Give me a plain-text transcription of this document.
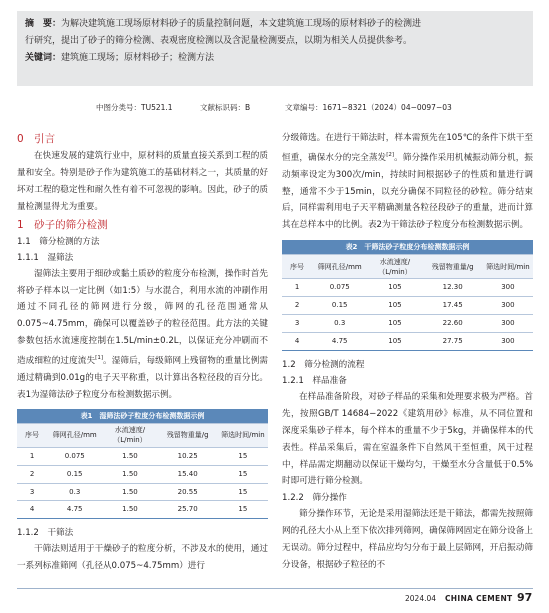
摘　要：为解决建筑施工现场原材料砂子的质量控制问题，本文建筑施工现场的原材料砂子的检测进

行研究，提出了砂子的筛分检测、表观密度检测以及含泥量检测要点，以期为相关人员提供参考。

关键词：建筑施工现场；原材料砂子；检测方法

中图分类号：TU521.1	文献标识码：B	文章编号：1671−8321（2024）04−0097−03
0　引言

在快速发展的建筑行业中，原材料的质量直接关系到工程的质量和安全。特别是砂子作为建筑施工的基础材料之一，其质量的好坏对工程的稳定性和耐久性有着不可忽视的影响。因此，砂子的质量检测显得尤为重要。

1　砂子的筛分检测
1.1　筛分检测的方法
1.1.1　湿筛法

湿筛法主要用于细砂或黏土质砂的粒度分布检测，操作时首先将砂子样本以一定比例（如1:5）与水混合，利用水流的冲刷作用通过不同孔径的筛网进行分级，筛网的孔径范围通常从0.075~4.75mm，确保可以覆盖砂子的粒径范围。此方法的关键参数包括水流速度控制在1.5L/min±0.2L，以保证充分冲刷而不造成细粒的过度流失[1]。湿筛后，每级筛网上残留物的重量比例需通过精确到0.01g的电子天平称重，以计算出各粒径段的百分比。表1为湿筛法砂子粒度分布检测数据示例。

表1　湿筛法砂子粒度分布检测数据示例
序号	筛网孔径/mm	水流速度/（L/min）	残留物重量/g	筛选时间/min
1	0.075	1.50	10.25	15
2	0.15	1.50	15.40	15
3	0.3	1.50	20.55	15
4	4.75	1.50	25.70	15
1.1.2　干筛法

干筛法则适用于干燥砂子的粒度分析，不涉及水的使用，通过一系列标准筛网（孔径从0.075~4.75mm）进行

分级筛选。在进行干筛法时，样本需预先在105℃的条件下烘干至恒重，确保水分的完全蒸发[2]。筛分操作采用机械振动筛分机，振动频率设定为300次/min，持续时间根据砂子的性质和量进行调整，通常不少于15min，以充分确保不同粒径的砂粒。筛分结束后，同样需利用电子天平精确测量各粒径段砂子的重量，进而计算其在总样本中的比例。表2为干筛法砂子粒度分布检测数据示例。

表2　干筛法砂子粒度分布检测数据示例
序号	筛网孔径/mm	水流速度/（L/min）	残留物重量/g	筛选时间/min
1	0.075	105	12.30	300
2	0.15	105	17.45	300
3	0.3	105	22.60	300
4	4.75	105	27.75	300
1.2　筛分检测的流程
1.2.1　样品准备

在样品准备阶段，对砂子样品的采集和处理要求极为严格。首先，按照GB/T 14684−2022《建筑用砂》标准，从不同位置和深度采集砂子样本，每个样本的重量不少于5kg，并确保样本的代表性。样品采集后，需在室温条件下自然风干至恒重，风干过程中，样品需定期翻动以保证干燥均匀，干燥至水分含量低于0.5%时即可进行筛分检测。

1.2.2　筛分操作

筛分操作环节，无论是采用湿筛法还是干筛法，都需先按照筛网的孔径大小从上至下依次排列筛网，确保筛网固定在筛分设备上无误动。筛分过程中，样品应均匀分布于最上层筛网，开启振动筛分设备，根据砂子粒径的不

2024.04 CHINA CEMENT 97
